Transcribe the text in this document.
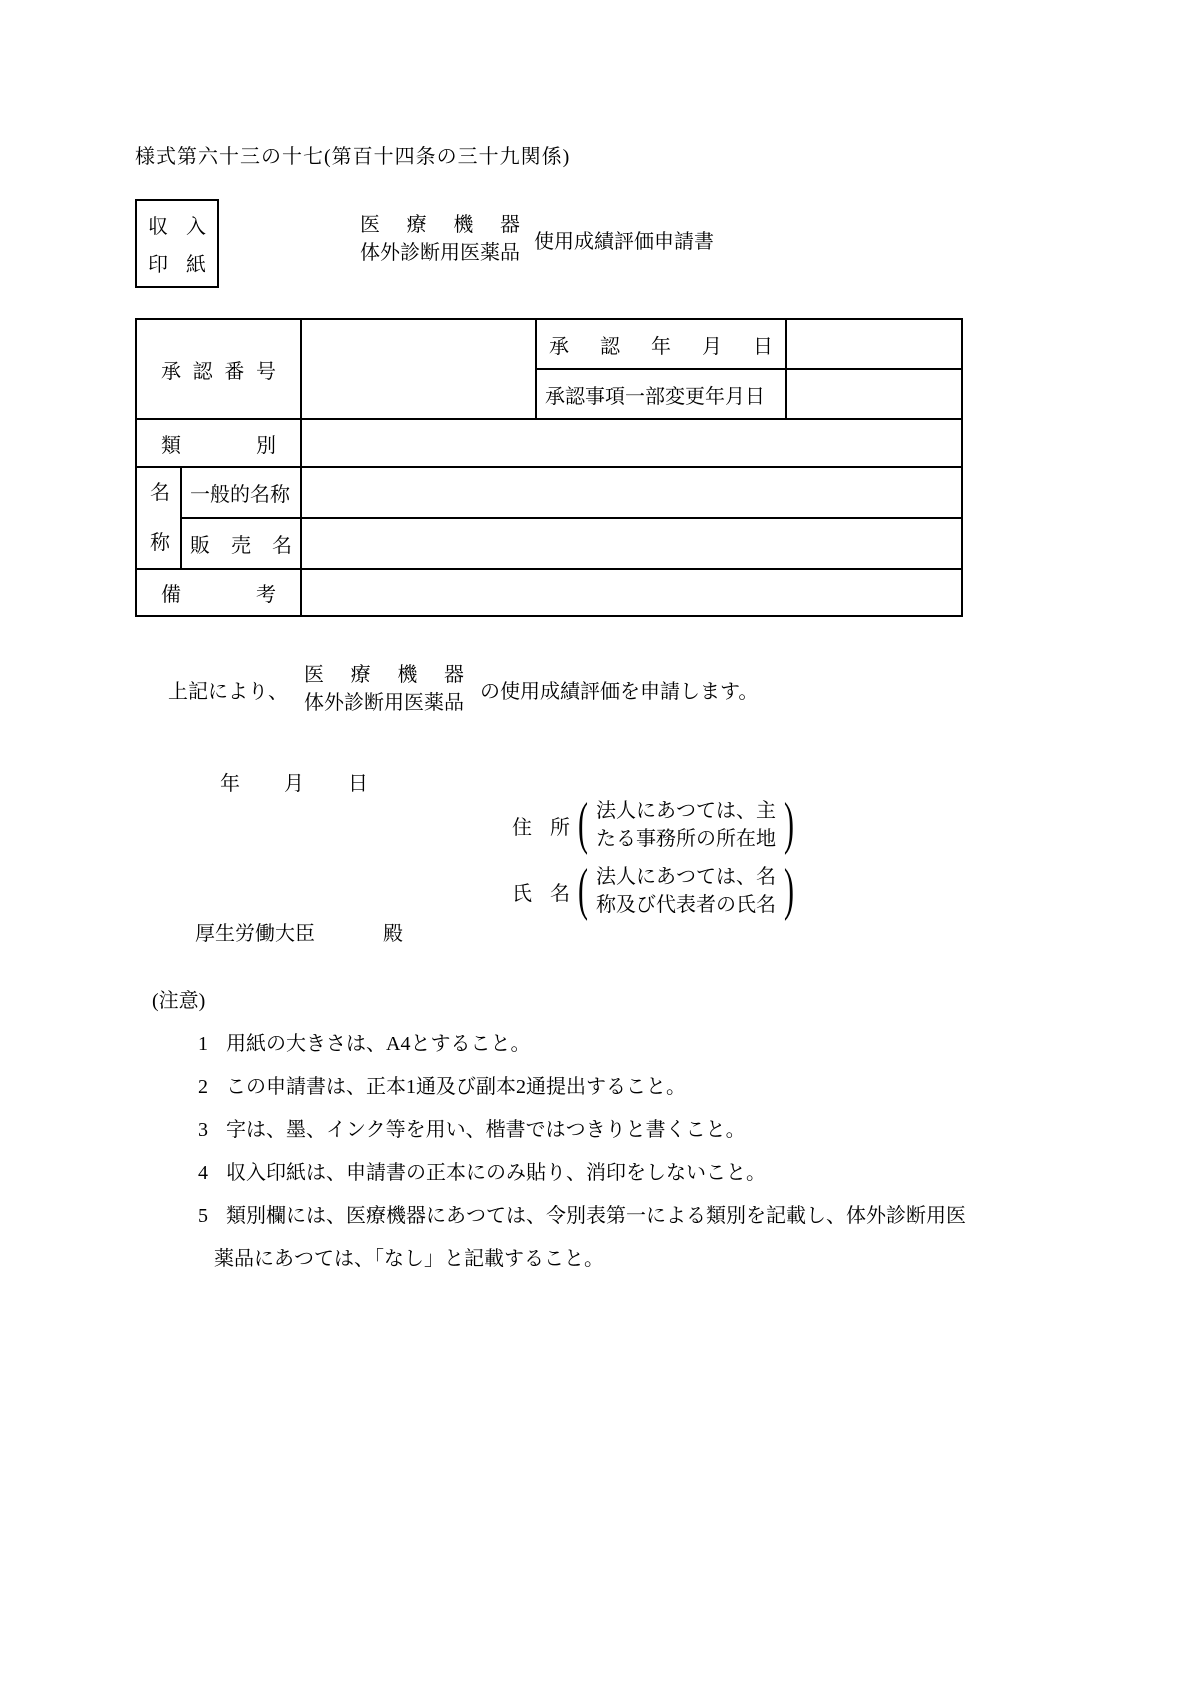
様式第六十三の十七(第百十四条の三十九関係)
収入
印紙
医療機器
体外診断用医薬品
使用成績評価申請書
承認番号			承認年月日	
			承認事項一部変更年月日	
類別				

名称	一般的名称			
	販売名			
備考				
上記により、
医療機器
体外診断用医薬品
の使用成績評価を申請します。
年　月　日
住所 ( 法人にあつては、主
たる事務所の所在地 )
氏名 ( 法人にあつては、名
称及び代表者の氏名 )
厚生労働大臣	殿
(注意)
1 用紙の大きさは、A4とすること。
2 この申請書は、正本1通及び副本2通提出すること。
3 字は、墨、インク等を用い、楷書ではつきりと書くこと。
4 収入印紙は、申請書の正本にのみ貼り、消印をしないこと。
5 類別欄には、医療機器にあつては、令別表第一による類別を記載し、体外診断用医薬品にあつては、「なし」と記載すること。
